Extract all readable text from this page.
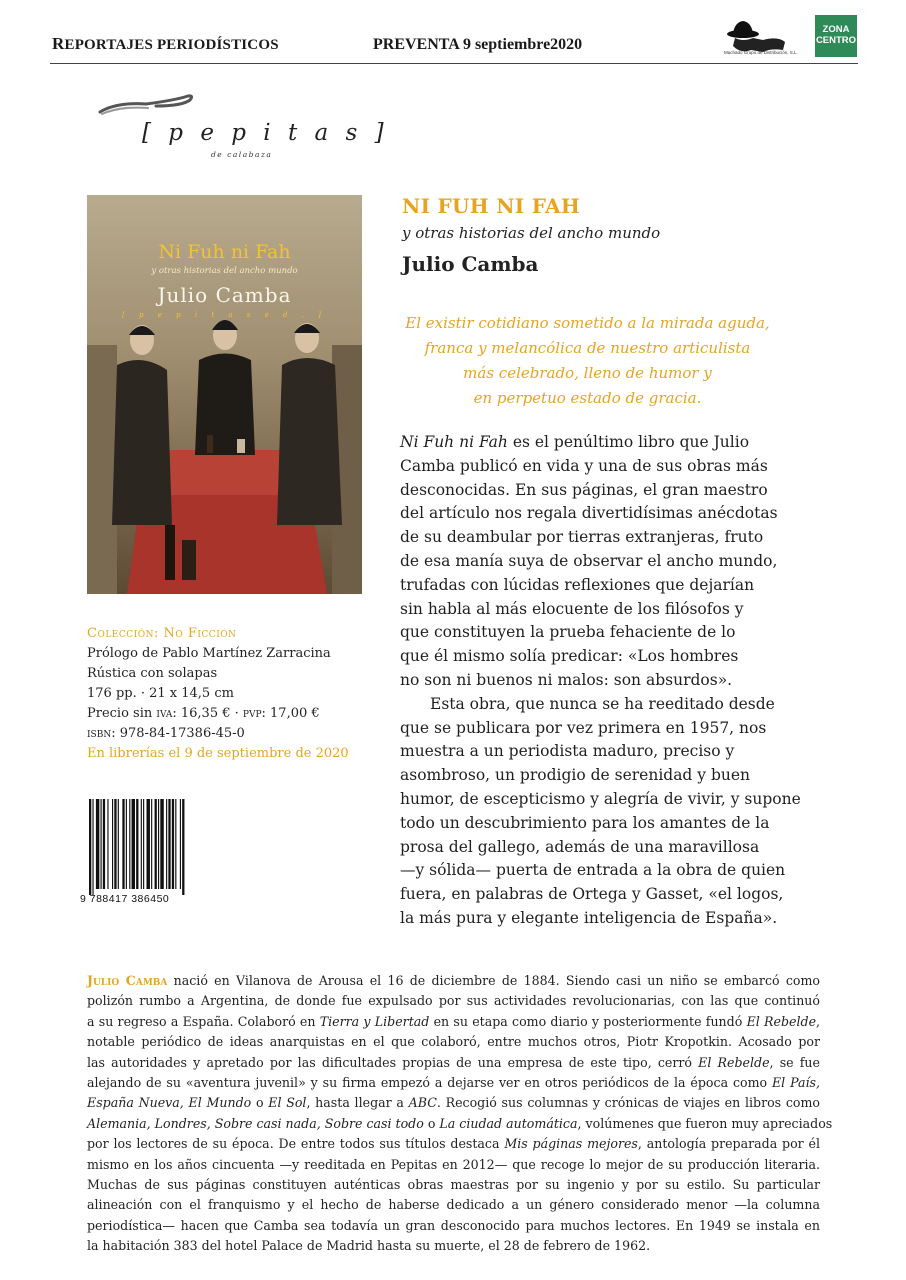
REPORTAJES PERIODÍSTICOS	PREVENTA 9 septiembre2020	Machado Grupo de Distribución, S.L.
ZONA
CENTRO
[ p e p i t a s ]
de calabaza
Ni Fuh ni Fah
y otras historias del ancho mundo
Julio Camba
[ p e p i t a s e d . ]
Colección: No Ficción
Prólogo de Pablo Martínez Zarracina
Rústica con solapas
176 pp. · 21 x 14,5 cm
Precio sin iva: 16,35 € · pvp: 17,00 €
isbn: 978-84-17386-45-0
En librerías el 9 de septiembre de 2020
9 788417 386450
NI FUH NI FAH
y otras historias del ancho mundo
Julio Camba
El existir cotidiano sometido a la mirada aguda,
franca y melancólica de nuestro articulista
más celebrado, lleno de humor y
en perpetuo estado de gracia.
Ni Fuh ni Fah es el penúltimo libro que Julio
Camba publicó en vida y una de sus obras más
desconocidas. En sus páginas, el gran maestro
del artículo nos regala divertidísimas anécdotas
de su deambular por tierras extranjeras, fruto
de esa manía suya de observar el ancho mundo,
trufadas con lúcidas reflexiones que dejarían
sin habla al más elocuente de los filósofos y
que constituyen la prueba fehaciente de lo
que él mismo solía predicar: «Los hombres
no son ni buenos ni malos: son absurdos».
Esta obra, que nunca se ha reeditado desde
que se publicara por vez primera en 1957, nos
muestra a un periodista maduro, preciso y
asombroso, un prodigio de serenidad y buen
humor, de escepticismo y alegría de vivir, y supone
todo un descubrimiento para los amantes de la
prosa del gallego, además de una maravillosa
—y sólida— puerta de entrada a la obra de quien
fuera, en palabras de Ortega y Gasset, «el logos,
la más pura y elegante inteligencia de España».
Julio Camba nació en Vilanova de Arousa el 16 de diciembre de 1884. Siendo casi un niño se embarcó como
polizón rumbo a Argentina, de donde fue expulsado por sus actividades revolucionarias, con las que continuó
a su regreso a España. Colaboró en Tierra y Libertad en su etapa como diario y posteriormente fundó El Rebelde,
notable periódico de ideas anarquistas en el que colaboró, entre muchos otros, Piotr Kropotkin. Acosado por
las autoridades y apretado por las dificultades propias de una empresa de este tipo, cerró El Rebelde, se fue
alejando de su «aventura juvenil» y su firma empezó a dejarse ver en otros periódicos de la época como El País,
España Nueva, El Mundo o El Sol, hasta llegar a ABC. Recogió sus columnas y crónicas de viajes en libros como
Alemania, Londres, Sobre casi nada, Sobre casi todo o La ciudad automática, volúmenes que fueron muy apreciados
por los lectores de su época. De entre todos sus títulos destaca Mis páginas mejores, antología preparada por él
mismo en los años cincuenta —y reeditada en Pepitas en 2012— que recoge lo mejor de su producción literaria.
Muchas de sus páginas constituyen auténticas obras maestras por su ingenio y por su estilo. Su particular
alineación con el franquismo y el hecho de haberse dedicado a un género considerado menor —la columna
periodística— hacen que Camba sea todavía un gran desconocido para muchos lectores. En 1949 se instala en
la habitación 383 del hotel Palace de Madrid hasta su muerte, el 28 de febrero de 1962.
